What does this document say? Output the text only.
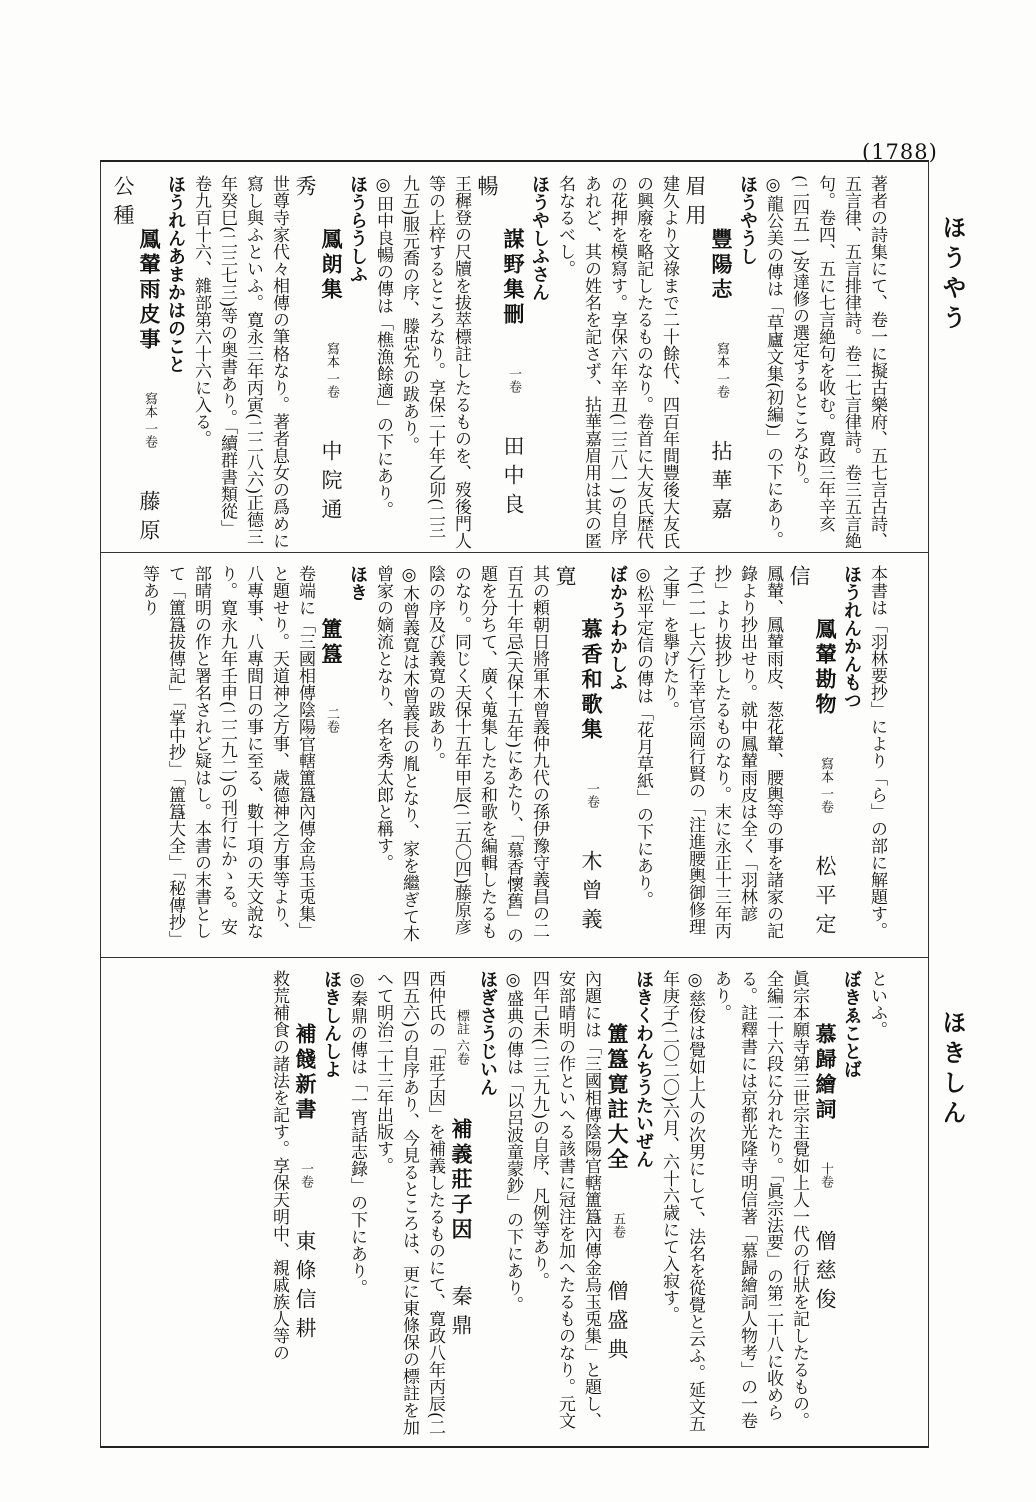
(1788)
ほうやう
ほきしん

著者の詩集にて、卷一に擬古樂府、五七言古詩、五言律、五言排律詩。卷二七言律詩。卷三五言絶句。卷四、五に七言絶句を收む。寛政三年辛亥(二四五一)安達修の選定するところなり。

◎龍公美の傳は「草廬文集(初編)」の下にあり。

ほうやうし

豐陽志寫本 一卷拈華嘉眉用

建久より文祿まで二十餘代、四百年間豐後大友氏の興廢を略記したるものなり。卷首に大友氏歴代の花押を模寫す。享保六年辛丑(二三八一)の自序あれど、其の姓名を記さず、拈華嘉眉用は其の匿名なるべし。

ほうやしふさん

謀野集刪一卷田中良暢

王穉登の尺牘を拔萃標註したるものを、歿後門人等の上梓するところなり。享保二十年乙卯(二三九五)服元喬の序、滕忠允の跋あり。

◎田中良暢の傳は「樵漁餘適」の下にあり。

ほうらうしふ

鳳朗集寫本 一卷中院通秀

世尊寺家代々相傳の筆格なり。著者息女の爲めに寫し與ふといふ。寛永三年丙寅(二二八六)正德三年癸巳(二三七三)等の奥書あり。「續群書類從」卷九百十六、雜部第六十六に入る。

ほうれんあまかはのこと

鳳輦雨皮事寫本 一卷藤原公種

本書は「羽林要抄」により「ら」の部に解題す。

ほうれんかんもつ

鳳輦勘物寫本 一卷松平定信

鳳輦、鳳輦雨皮、葱花輦、腰輿等の事を諸家の記錄より抄出せり。就中鳳輦雨皮は全く「羽林諺抄」より拔抄したるものなり。末に永正十三年丙子(二一七六)行幸官宗岡行賢の「注進腰輿御修理之事」を擧げたり。

◎松平定信の傳は「花月草紙」の下にあり。

ぼかうわかしふ

慕香和歌集一卷木曾義寛

其の頼朝日將軍木曾義仲九代の孫伊豫守義昌の二百五十年忌(天保十五年)にあたり、「慕香懷舊」の題を分ちて、廣く蒐集したる和歌を編輯したるものなり。同じく天保十五年甲辰(二五〇四)藤原彦陰の序及び義寛の跋あり。

◎木曾義寛は木曾義長の胤となり、家を繼ぎて木曾家の嫡流となり、名を秀太郎と稱す。

ほき

簠簋二卷

卷端に「三國相傳陰陽官轄簠簋內傳金烏玉兎集」と題せり。天道神之方事、歳德神之方事等より、八專事、八專間日の事に至る、數十項の天文說なり。寛永九年壬申(二二九二)の刊行にかゝる。安部晴明の作と署名されど疑はし。本書の末書として「簠簋拔傳記」「掌中抄」「簠簋大全」「秘傳抄」等あり

といふ。

ぼきゑことば

慕歸繪詞十卷僧慈俊

眞宗本願寺第三世宗主覺如上人一代の行狀を記したるもの。全編二十六段に分れたり。「眞宗法要」の第二十八に收めらる。註釋書には京都光隆寺明信著「慕歸繪詞人物考」の一卷あり。

◎慈俊は覺如上人の次男にして、法名を從覺と云ふ。延文五年庚子(二〇二〇)六月、六十六歳にて入寂す。

ほきくわんちうたいぜん

簠簋寛註大全五卷僧盛典

內題には「三國相傳陰陽官轄簠簋內傳金烏玉兎集」と題し、安部晴明の作といへる該書に冠注を加へたるものなり。元文四年己未(二三九九)の自序、凡例等あり。

◎盛典の傳は「以呂波童蒙鈔」の下にあり。

ほぎさうじいん

標註 六卷補義莊子因秦鼎

西仲氏の「莊子因」を補義したるものにて、寛政八年丙辰(二四五六)の自序あり、今見るところは、更に東條保の標註を加へて明治二十三年出版す。

◎秦鼎の傳は「一宵話志錄」の下にあり。

ほきしんしよ

補餞新書一卷東條信耕

救荒補食の諸法を記す。享保天明中、親戚族人等の
